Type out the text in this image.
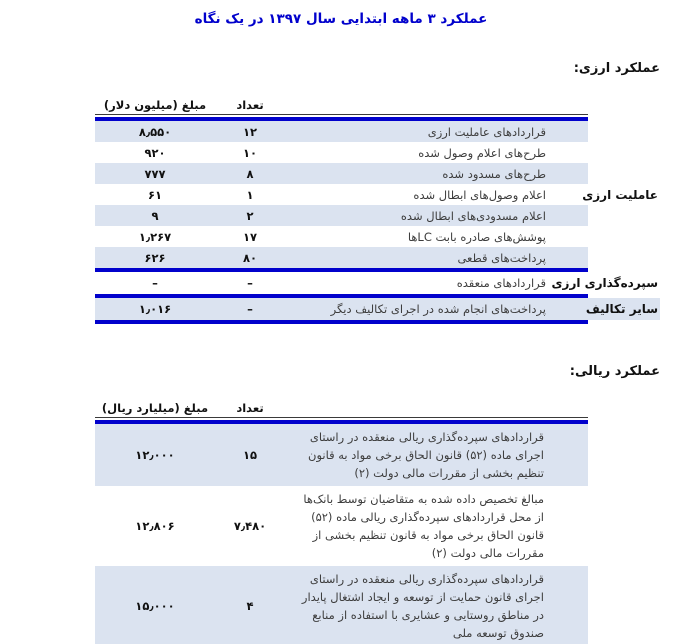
عملکرد ۳ ماهه ابتدایی سال ۱۳۹۷ در یک نگاه
عملکرد ارزی:
تعداد
مبلغ (میلیون دلار)
عاملیت ارزی
قراردادهای عاملیت ارزی
۱۲
۸٫۵۵۰
طرح‌های اعلام وصول شده
۱۰
۹۲۰
طرح‌های مسدود شده
۸
۷۷۷
اعلام وصول‌های ابطال شده
۱
۶۱
اعلام مسدودی‌های ابطال شده
۲
۹
پوشش‌های صادره بابت LCها
۱۷
۱٫۲۶۷
پرداخت‌های قطعی
۸۰
۶۲۶
سپرده‌گذاری ارزی
قراردادهای منعقده
–
–
سایر تکالیف
پرداخت‌های انجام شده در اجرای تکالیف دیگر
–
۱٫۰۱۶
عملکرد ریالی:
تعداد
مبلغ (میلیارد ریال)
قراردادهای سپرده‌گذاری ریالی منعقده در راستای اجرای ماده (۵۲) قانون الحاق برخی مواد به قانون تنظیم بخشی از مقررات مالی دولت (۲)
۱۵
۱۲٫۰۰۰
مبالغ تخصیص داده شده به متقاضیان توسط بانک‌ها از محل قراردادهای سپرده‌گذاری ریالی ماده (۵۲) قانون الحاق برخی مواد به قانون تنظیم بخشی از مقررات مالی دولت (۲)
۷٫۴۸۰
۱۲٫۸۰۶
قراردادهای سپرده‌گذاری ریالی منعقده در راستای اجرای قانون حمایت از توسعه و ایجاد اشتغال پایدار در مناطق روستایی و عشایری با استفاده از منابع صندوق توسعه ملی
۴
۱۵٫۰۰۰
